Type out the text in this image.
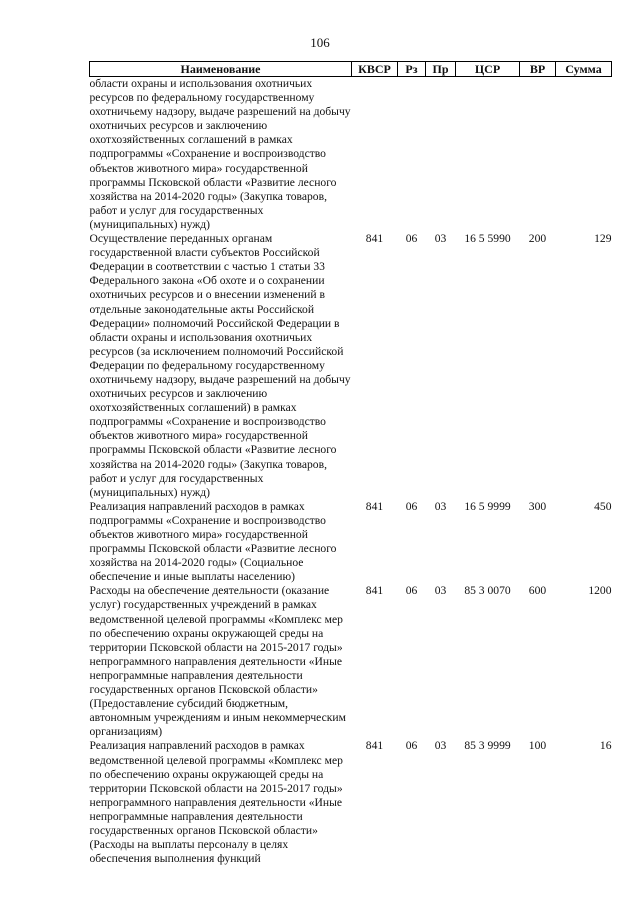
106
Наименование	КВСР	Рз	Пр	ЦСР	ВР	Сумма
области охраны и использования охотничьих ресурсов по федеральному государственному охотничьему надзору, выдаче разрешений на добычу охотничьих ресурсов и заключению охотхозяйственных соглашений в рамках подпрограммы «Сохранение и воспроизводство объектов животного мира» государственной программы Псковской области «Развитие лесного хозяйства на 2014-2020 годы» (Закупка товаров, работ и услуг для государственных (муниципальных) нужд)						
Осуществление переданных органам государственной власти субъектов Российской Федерации в соответствии с частью 1 статьи 33 Федерального закона «Об охоте и о сохранении охотничьих ресурсов и о внесении изменений в отдельные законодательные акты Российской Федерации» полномочий Российской Федерации в области охраны и использования охотничьих ресурсов (за исключением полномочий Российской Федерации по федеральному государственному охотничьему надзору, выдаче разрешений на добычу охотничьих ресурсов и заключению охотхозяйственных соглашений) в рамках подпрограммы «Сохранение и воспроизводство объектов животного мира» государственной программы Псковской области «Развитие лесного хозяйства на 2014-2020 годы» (Закупка товаров, работ и услуг для государственных (муниципальных) нужд)	841	06	03	16 5 5990	200	129
Реализация направлений расходов в рамках подпрограммы «Сохранение и воспроизводство объектов животного мира» государственной программы Псковской области «Развитие лесного хозяйства на 2014-2020 годы» (Социальное обеспечение и иные выплаты населению)	841	06	03	16 5 9999	300	450
Расходы на обеспечение деятельности (оказание услуг) государственных учреждений в рамках ведомственной целевой программы «Комплекс мер по обеспечению охраны окружающей среды на территории Псковской области на 2015-2017 годы» непрограммного направления деятельности «Иные непрограммные направления деятельности государственных органов Псковской области» (Предоставление субсидий бюджетным, автономным учреждениям и иным некоммерческим организациям)	841	06	03	85 3 0070	600	1200
Реализация направлений расходов в рамках ведомственной целевой программы «Комплекс мер по обеспечению охраны окружающей среды на территории Псковской области на 2015-2017 годы» непрограммного направления деятельности «Иные непрограммные направления деятельности государственных органов Псковской области» (Расходы на выплаты персоналу в целях обеспечения выполнения функций	841	06	03	85 3 9999	100	16
